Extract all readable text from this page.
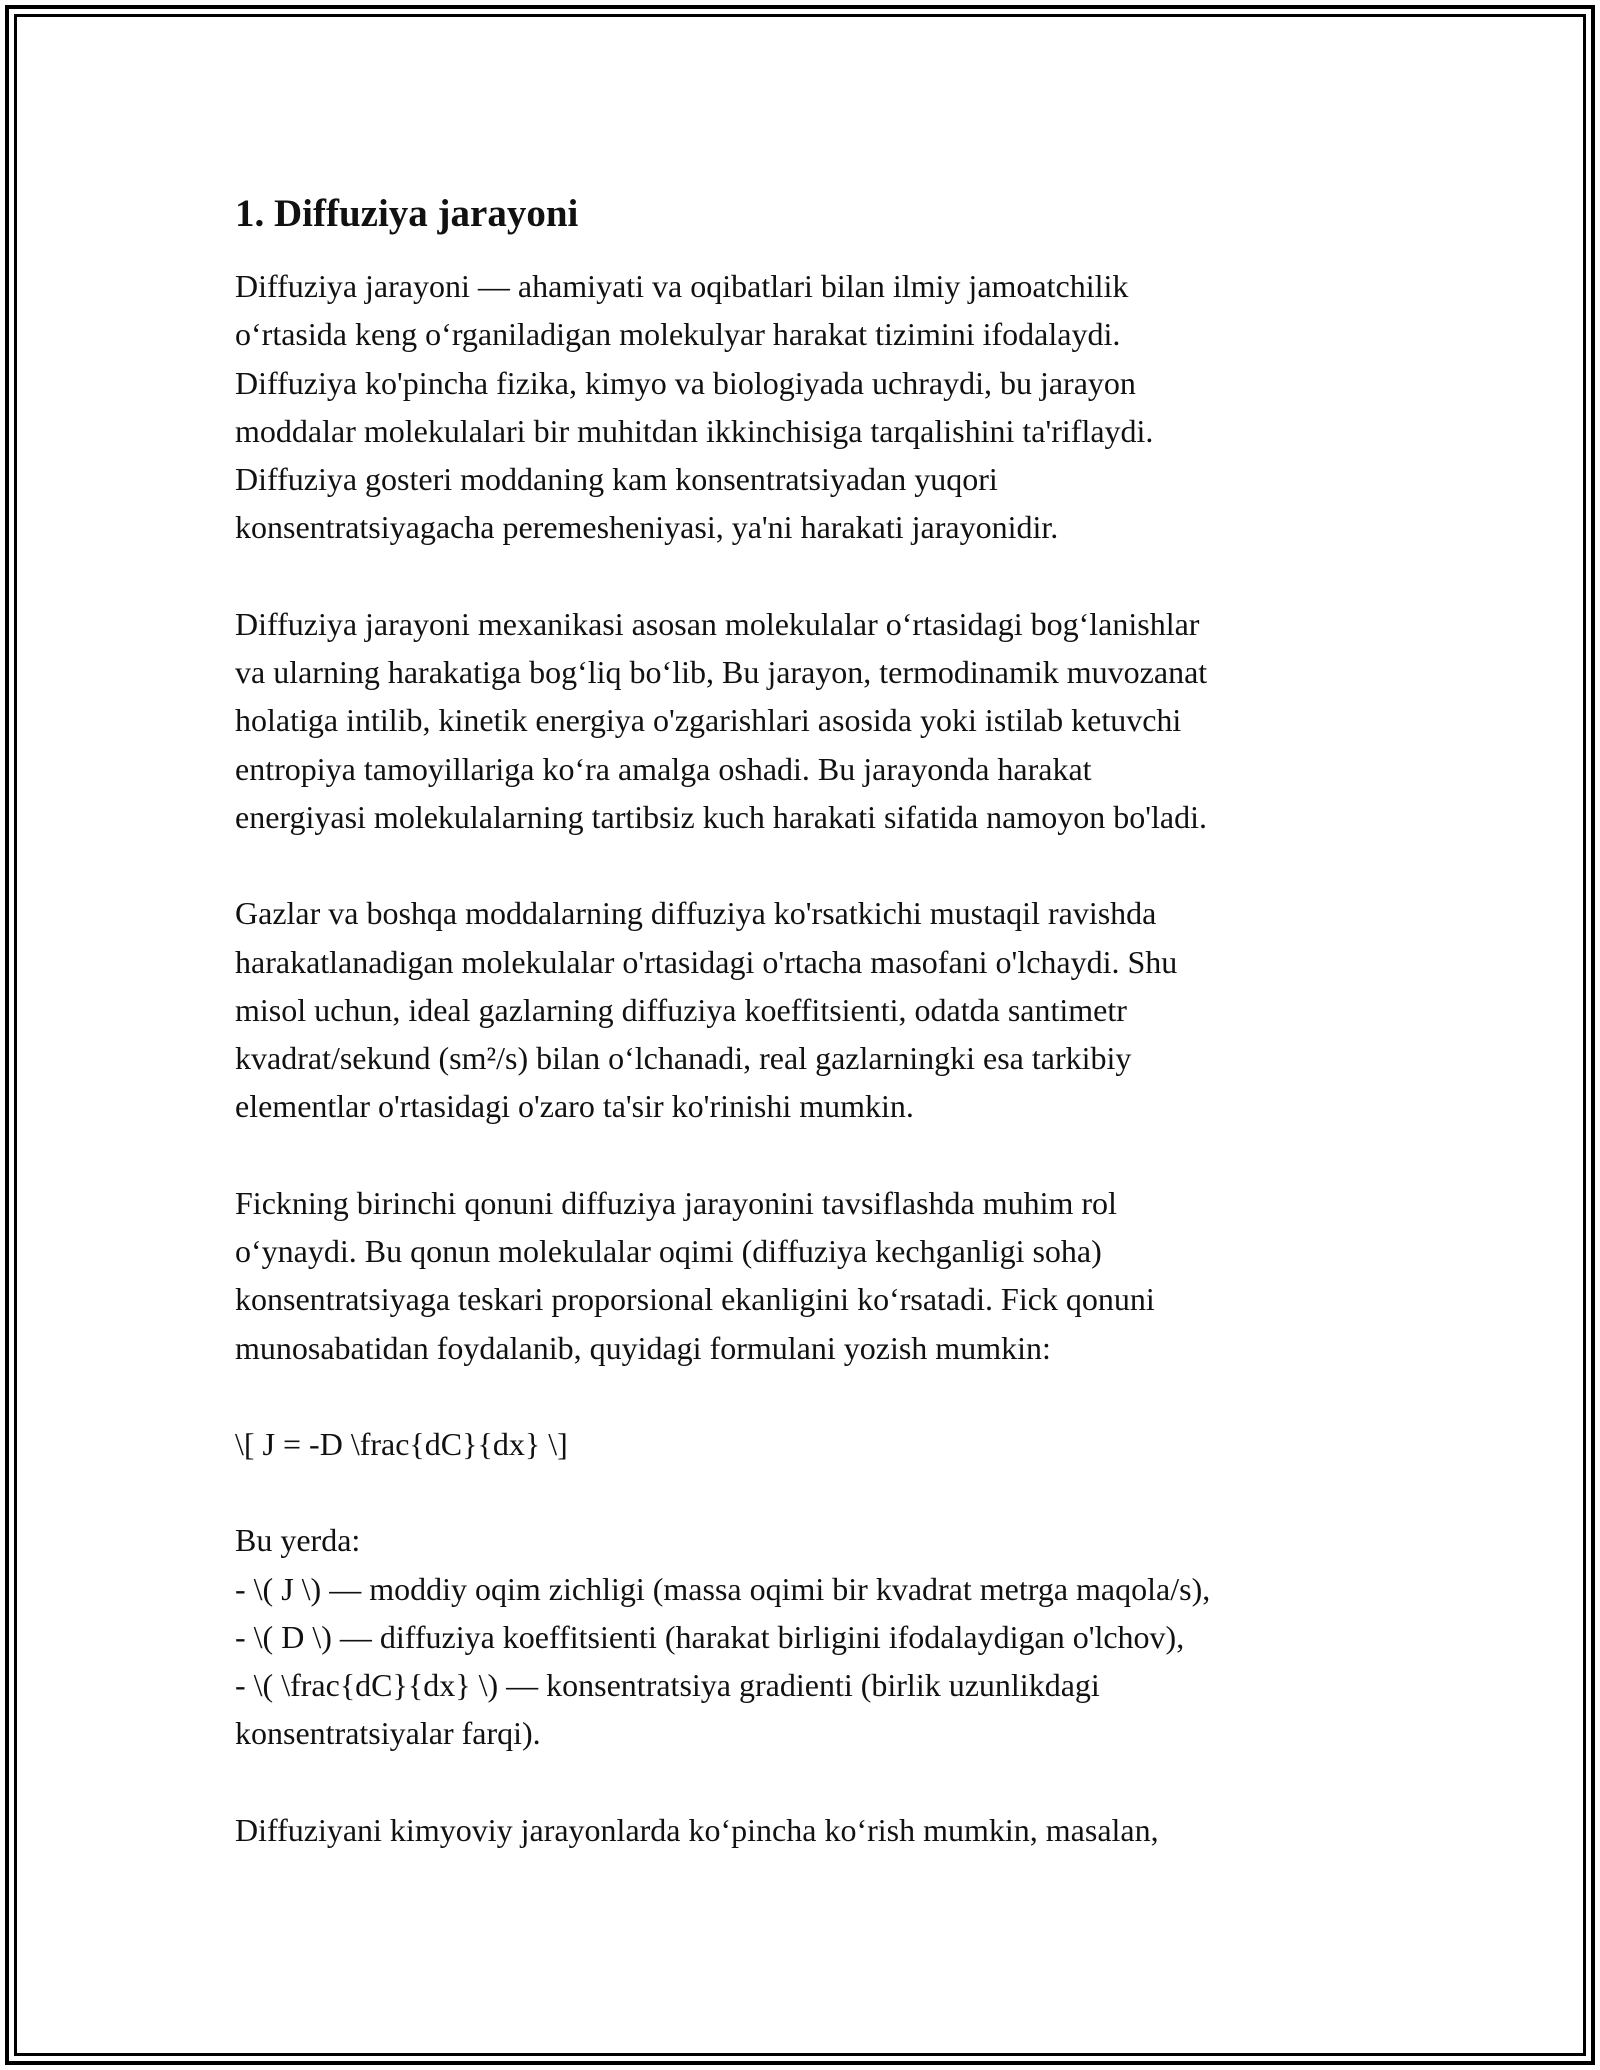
1. Diffuziya jarayoni
Diffuziya jarayoni — ahamiyati va oqibatlari bilan ilmiy jamoatchilik
o‘rtasida keng o‘rganiladigan molekulyar harakat tizimini ifodalaydi.
Diffuziya ko'pincha fizika, kimyo va biologiyada uchraydi, bu jarayon
moddalar molekulalari bir muhitdan ikkinchisiga tarqalishini ta'riflaydi.
Diffuziya gosteri moddaning kam konsentratsiyadan yuqori
konsentratsiyagacha peremesheniyasi, ya'ni harakati jarayonidir.
Diffuziya jarayoni mexanikasi asosan molekulalar o‘rtasidagi bog‘lanishlar
va ularning harakatiga bog‘liq bo‘lib, Bu jarayon, termodinamik muvozanat
holatiga intilib, kinetik energiya o'zgarishlari asosida yoki istilab ketuvchi
entropiya tamoyillariga ko‘ra amalga oshadi. Bu jarayonda harakat
energiyasi molekulalarning tartibsiz kuch harakati sifatida namoyon bo'ladi.
Gazlar va boshqa moddalarning diffuziya ko'rsatkichi mustaqil ravishda
harakatlanadigan molekulalar o'rtasidagi o'rtacha masofani o'lchaydi. Shu
misol uchun, ideal gazlarning diffuziya koeffitsienti, odatda santimetr
kvadrat/sekund (sm²/s) bilan o‘lchanadi, real gazlarningki esa tarkibiy
elementlar o'rtasidagi o'zaro ta'sir ko'rinishi mumkin.
Fickning birinchi qonuni diffuziya jarayonini tavsiflashda muhim rol
o‘ynaydi. Bu qonun molekulalar oqimi (diffuziya kechganligi soha)
konsentratsiyaga teskari proporsional ekanligini ko‘rsatadi. Fick qonuni
munosabatidan foydalanib, quyidagi formulani yozish mumkin:
\[ J = -D \frac{dC}{dx} \]
Bu yerda:
- \( J \) — moddiy oqim zichligi (massa oqimi bir kvadrat metrga maqola/s),
- \( D \) — diffuziya koeffitsienti (harakat birligini ifodalaydigan o'lchov),
- \( \frac{dC}{dx} \) — konsentratsiya gradienti (birlik uzunlikdagi
konsentratsiyalar farqi).
Diffuziyani kimyoviy jarayonlarda ko‘pincha ko‘rish mumkin, masalan,
